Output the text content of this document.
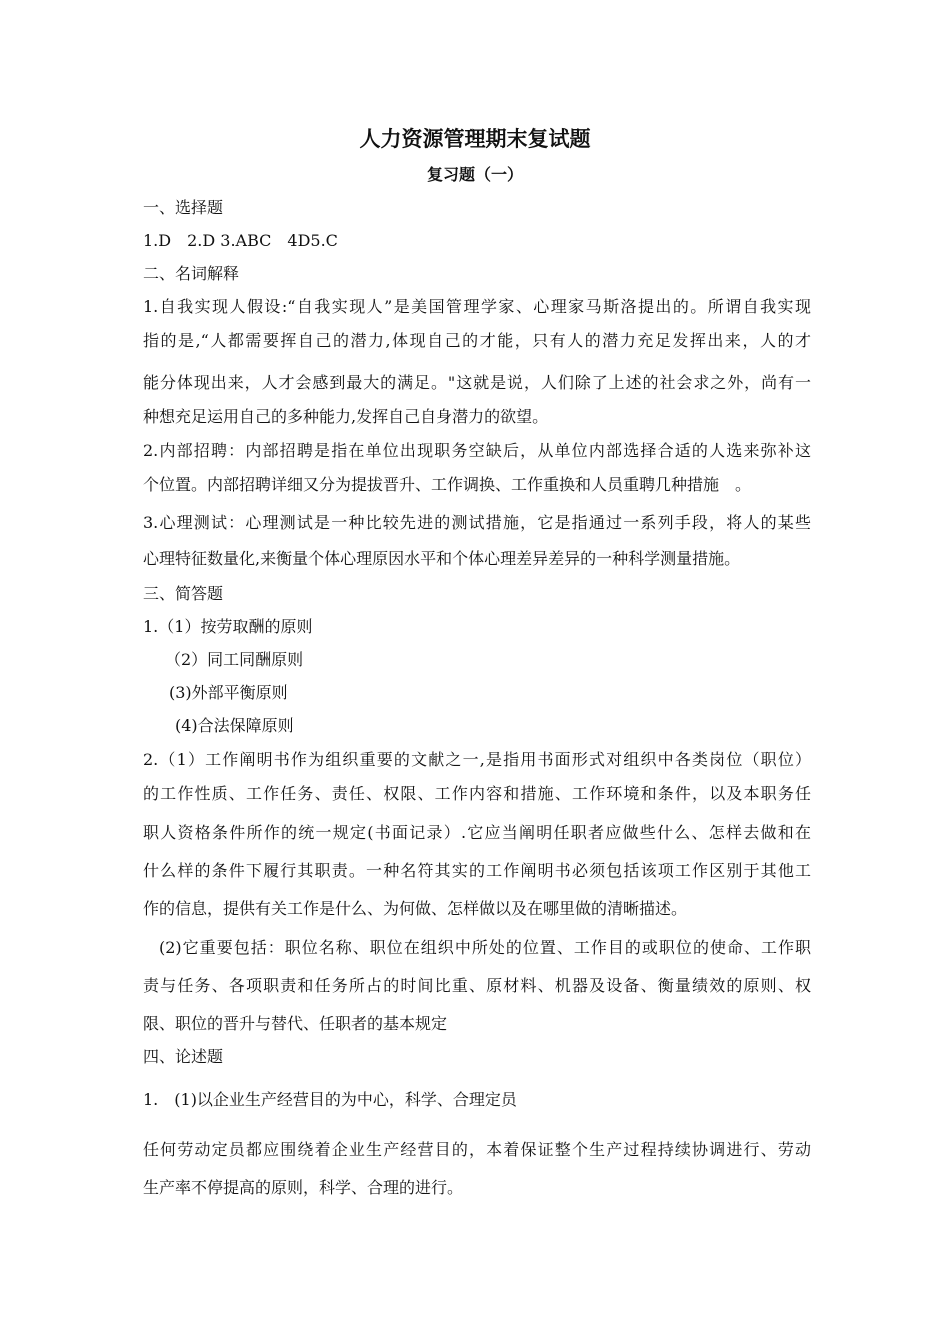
人力资源管理期末复试题
复习题（一）
一、选择题
1.D　2.D 3.ABC　4D5.C
二、名词解释
1.自我实现人假设:“自我实现人”是美国管理学家、心理家马斯洛提出的。所谓自我实现
指的是,“人都需要挥自己的潜力,体现自己的才能，只有人的潜力充足发挥出来，人的才
能分体现出来，人才会感到最大的满足。"这就是说，人们除了上述的社会求之外，尚有一
种想充足运用自己的多种能力,发挥自己自身潜力的欲望。
2.内部招聘：内部招聘是指在单位出现职务空缺后，从单位内部选择合适的人选来弥补这
个位置。内部招聘详细又分为提拔晋升、工作调换、工作重换和人员重聘几种措施　。
3.心理测试：心理测试是一种比较先进的测试措施，它是指通过一系列手段，将人的某些
心理特征数量化,来衡量个体心理原因水平和个体心理差异差异的一种科学测量措施。
三、简答题
1.（1）按劳取酬的原则
（2）同工同酬原则
(3)外部平衡原则
(4)合法保障原则
2.（1）工作阐明书作为组织重要的文献之一,是指用书面形式对组织中各类岗位（职位）
的工作性质、工作任务、责任、权限、工作内容和措施、工作环境和条件，以及本职务任
职人资格条件所作的统一规定(书面记录）.它应当阐明任职者应做些什么、怎样去做和在
什么样的条件下履行其职责。一种名符其实的工作阐明书必须包括该项工作区别于其他工
作的信息，提供有关工作是什么、为何做、怎样做以及在哪里做的清晰描述。
(2)它重要包括：职位名称、职位在组织中所处的位置、工作目的或职位的使命、工作职
责与任务、各项职责和任务所占的时间比重、原材料、机器及设备、衡量绩效的原则、权
限、职位的晋升与替代、任职者的基本规定
四、论述题
1.　(1)以企业生产经营目的为中心，科学、合理定员
任何劳动定员都应围绕着企业生产经营目的，本着保证整个生产过程持续协调进行、劳动
生产率不停提高的原则，科学、合理的进行。
